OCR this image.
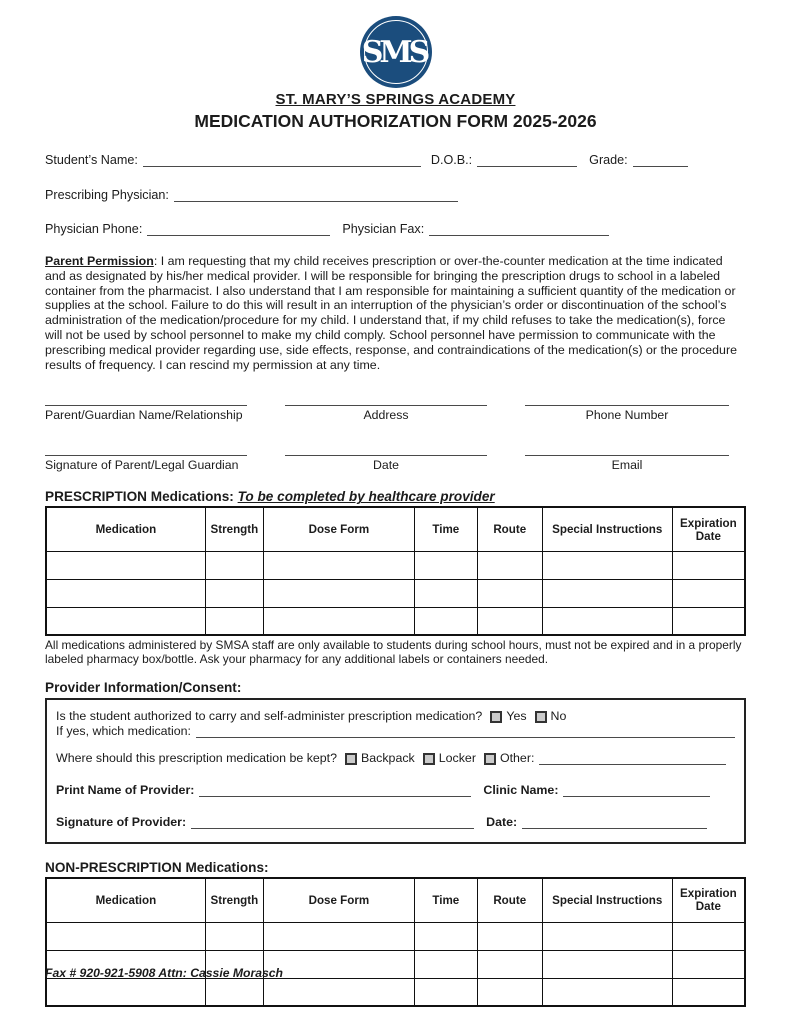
SMS
ST. MARY’S SPRINGS ACADEMY
MEDICATION AUTHORIZATION FORM 2025-2026
Student’s Name:	D.O.B.:	Grade:
Prescribing Physician:
Physician Phone:	Physician Fax:
Parent Permission: I am requesting that my child receives prescription or over-the-counter medication at the time indicated and as designated by his/her medical provider. I will be responsible for bringing the prescription drugs to school in a labeled container from the pharmacist. I also understand that I am responsible for maintaining a sufficient quantity of the medication or supplies at the school. Failure to do this will result in an interruption of the physician’s order or discontinuation of the school’s administration of the medication/procedure for my child. I understand that, if my child refuses to take the medication(s), force will not be used by school personnel to make my child comply. School personnel have permission to communicate with the prescribing medical provider regarding use, side effects, response, and contraindications of the medication(s) or the procedure results of frequency. I can rescind my permission at any time.
Parent/Guardian Name/Relationship	Address	Phone Number
Signature of Parent/Legal Guardian	Date	Email
PRESCRIPTION Medications: To be completed by healthcare provider
Medication	Strength	Dose Form	Time	Route	Special Instructions	Expiration Date

All medications administered by SMSA staff are only available to students during school hours, must not be expired and in a properly labeled pharmacy box/bottle. Ask your pharmacy for any additional labels or containers needed.
Provider Information/Consent:
Is the student authorized to carry and self-administer prescription medication? Yes No
If yes, which medication:
Where should this prescription medication be kept? Backpack Locker Other:
Print Name of Provider:	Clinic Name:
Signature of Provider:	Date:
NON-PRESCRIPTION Medications:
Medication	Strength	Dose Form	Time	Route	Special Instructions	Expiration Date

Fax # 920-921-5908 Attn: Cassie Morasch
